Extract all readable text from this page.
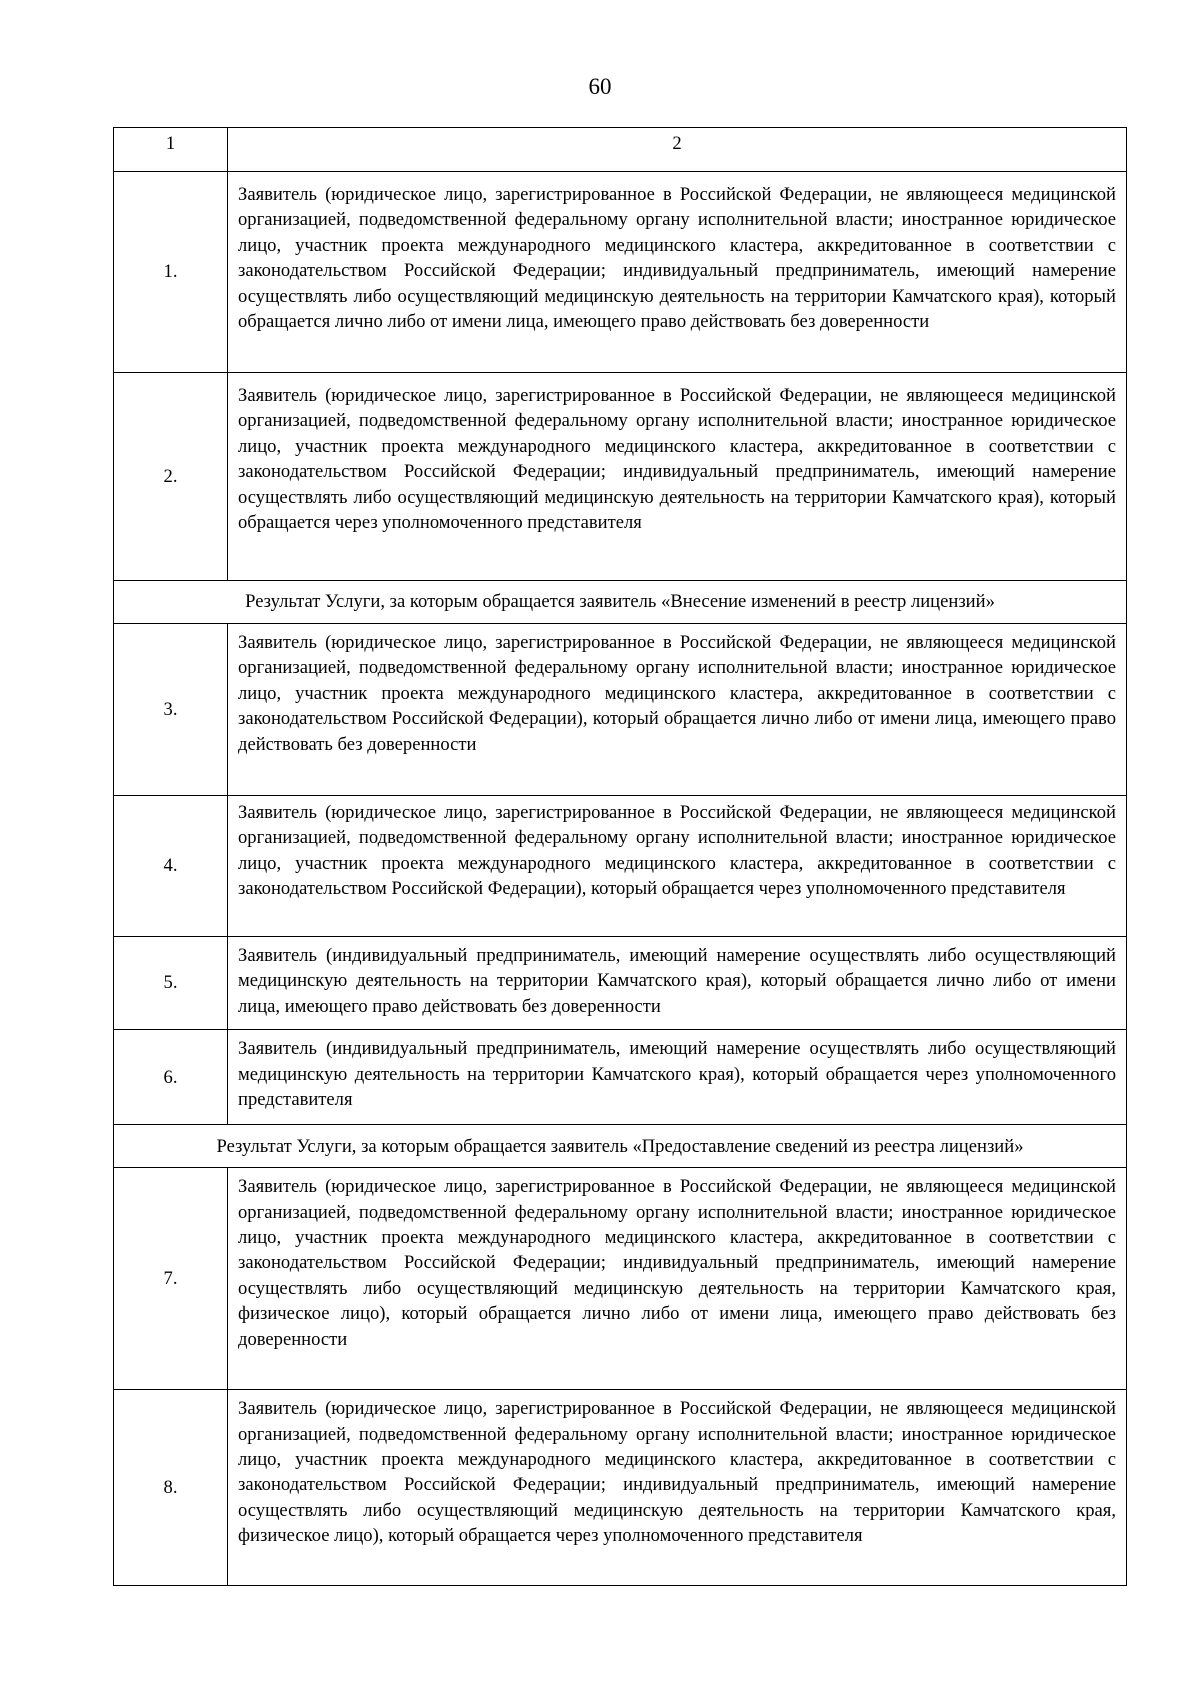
60
1	2
1.	Заявитель (юридическое лицо, зарегистрированное в Российской Федерации, не являющееся медицинской организацией, подведомственной федеральному органу исполнительной власти; иностранное юридическое лицо, участник проекта международного медицинского кластера, аккредитованное в соответствии с законодательством Российской Федерации; индивидуальный предприниматель, имеющий намерение осуществлять либо осуществляющий медицинскую деятельность на территории Камчатского края), который обращается лично либо от имени лица, имеющего право действовать без доверенности
2.	Заявитель (юридическое лицо, зарегистрированное в Российской Федерации, не являющееся медицинской организацией, подведомственной федеральному органу исполнительной власти; иностранное юридическое лицо, участник проекта международного медицинского кластера, аккредитованное в соответствии с законодательством Российской Федерации; индивидуальный предприниматель, имеющий намерение осуществлять либо осуществляющий медицинскую деятельность на территории Камчатского края), который обращается через уполномоченного представителя
Результат Услуги, за которым обращается заявитель «Внесение изменений в реестр лицензий»	
3.	Заявитель (юридическое лицо, зарегистрированное в Российской Федерации, не являющееся медицинской организацией, подведомственной федеральному органу исполнительной власти; иностранное юридическое лицо, участник проекта международного медицинского кластера, аккредитованное в соответствии с законодательством Российской Федерации), который обращается лично либо от имени лица, имеющего право действовать без доверенности
4.	Заявитель (юридическое лицо, зарегистрированное в Российской Федерации, не являющееся медицинской организацией, подведомственной федеральному органу исполнительной власти; иностранное юридическое лицо, участник проекта международного медицинского кластера, аккредитованное в соответствии с законодательством Российской Федерации), который обращается через уполномоченного представителя
5.	Заявитель (индивидуальный предприниматель, имеющий намерение осуществлять либо осуществляющий медицинскую деятельность на территории Камчатского края), который обращается лично либо от имени лица, имеющего право действовать без доверенности
6.	Заявитель (индивидуальный предприниматель, имеющий намерение осуществлять либо осуществляющий медицинскую деятельность на территории Камчатского края), который обращается через уполномоченного представителя
Результат Услуги, за которым обращается заявитель «Предоставление сведений из реестра лицензий»	
7.	Заявитель (юридическое лицо, зарегистрированное в Российской Федерации, не являющееся медицинской организацией, подведомственной федеральному органу исполнительной власти; иностранное юридическое лицо, участник проекта международного медицинского кластера, аккредитованное в соответствии с законодательством Российской Федерации; индивидуальный предприниматель, имеющий намерение осуществлять либо осуществляющий медицинскую деятельность на территории Камчатского края, физическое лицо), который обращается лично либо от имени лица, имеющего право действовать без доверенности
8.	Заявитель (юридическое лицо, зарегистрированное в Российской Федерации, не являющееся медицинской организацией, подведомственной федеральному органу исполнительной власти; иностранное юридическое лицо, участник проекта международного медицинского кластера, аккредитованное в соответствии с законодательством Российской Федерации; индивидуальный предприниматель, имеющий намерение осуществлять либо осуществляющий медицинскую деятельность на территории Камчатского края, физическое лицо), который обращается через уполномоченного представителя
